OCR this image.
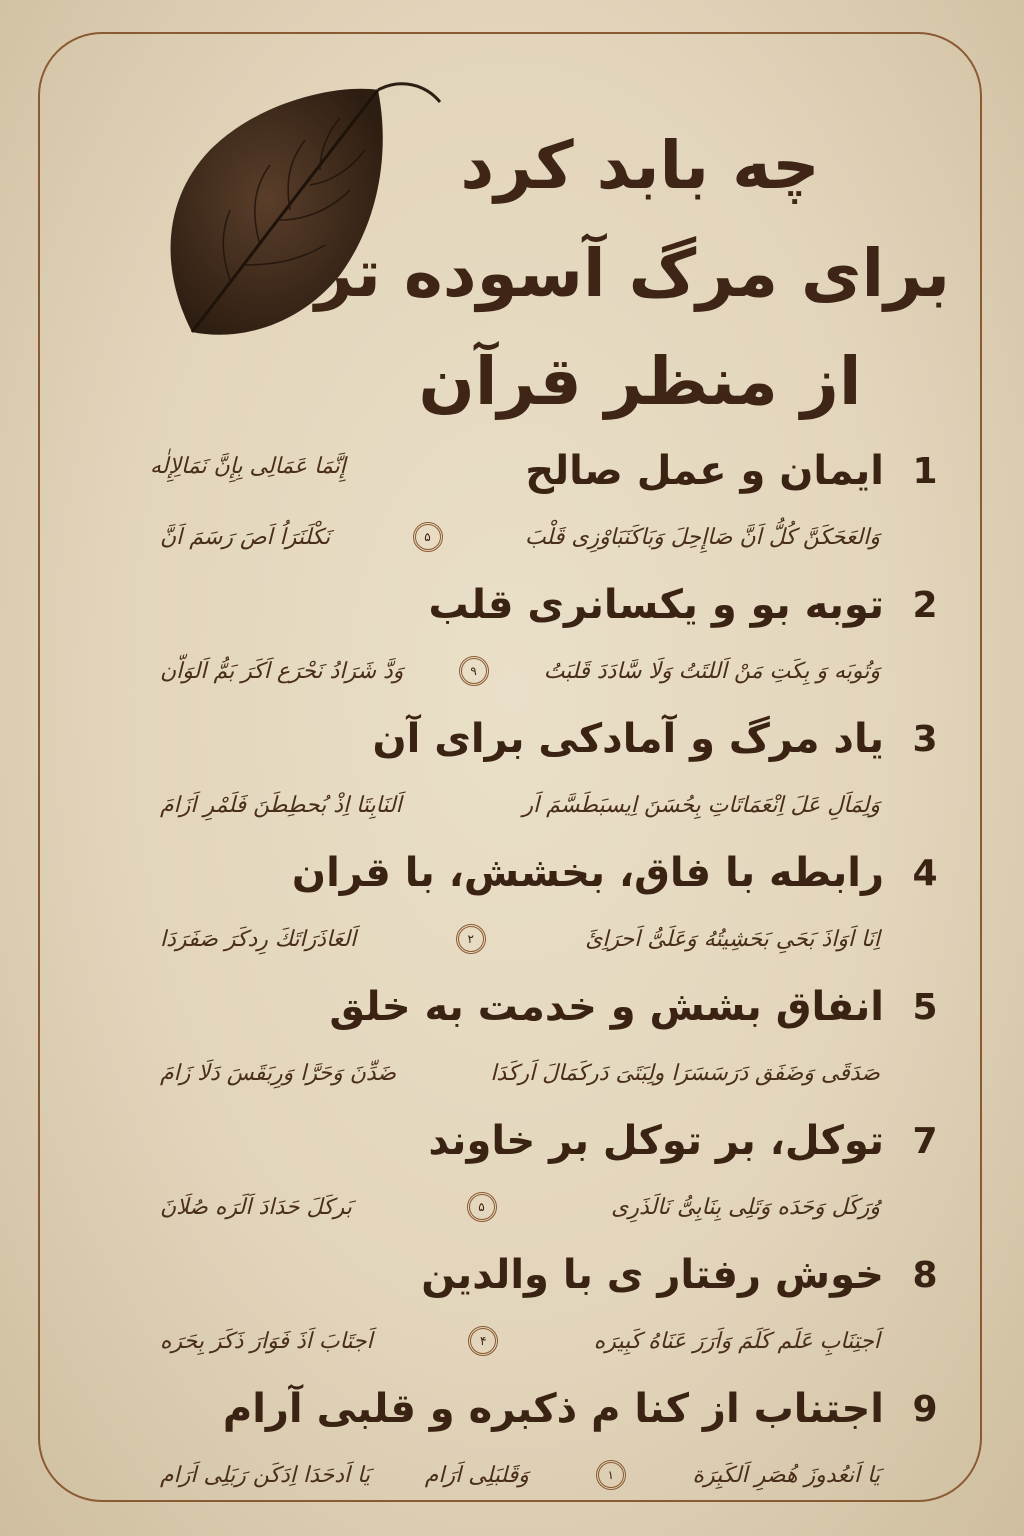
چه بابد کرد
برای مرگ آسوده تر
از منظر قرآن
1
ایمان و عمل صالح
إِنَّمَا عَمَالِی بِإِنَّ نَمَالِإِلٰه
وَالعَحَکَنَّ کُلُّ اَنَّ صَاإِحِلَ وَبَاکَنَبَاوْزِی قَلْبَ
۵
نَکْلَنَرَاُ اَصَ رَسَمَ اَنَّ
2
توبه بو و یکسانری قلب
وَتُوبَه وَ بِکَتِ مَنْ اَللتَتُ وَلَا سَّادَدَ قَلبَتُ
۹
وَدَّ شَرَادُ نَحْرَع اَکَرَ بَمُّ اَلوَاّن
3
یاد مرگ و آمادکی برای آن
وَلِمَاَلِ عَلَ اِنْعَمَاتَاتِ بِحُسَنَ اِیسبَطَسَّمَ اَر
اَلنَابِتَا اِذْ بُحطِطَنَ فَلَمْرِ اَزَامَ
4
رابطه با فاق، بخشش، با قران
اِنَا اَوَاذَ بَحَیِ بَحَشِیتُهُ وَعَلَیُّ اَحرَاِئَ
۲
اَلعَاذَرَاتَكَ رِدکَرَ صَفَرَدَا
5
انفاق بشش و خدمت به خلق
صَدَقَی وَضَفَق دَرَسَسَرَا ولِبَتَیَ دَرکَمَالَ اَرکَدَا
ضَدِّنَ وَحَرَّا وَرِبَقَسَ دَلَا زَامَ
7
توکل، بر توکل بر خاوند
وُرَکَل وَحَدَه وَتَلِی بِنَابِیُّ نَالَذَرِی
۵
بَرکَلَ حَدَادَ اَلَرَه صُلَانَ
8
خوش رفتار ی با والدین
اَجتِنَابِ عَلَم کَلَمَ وَاَرَرَ عَنَاهُ کَبِیرَه
۴
اَجتَابَ اَذَ فَوَارَ ذَکَرَ بِحَرَه
9
اجتناب از کنا م ذکبره و قلبی آرام
یَا اَنعُدوزَ هُصَرِ اَلکَبِرَة
۱
وَقَلبَلِی اَرَام
یَا اَدحَدَا اِدَکَن رَبَلِی اَرَام
